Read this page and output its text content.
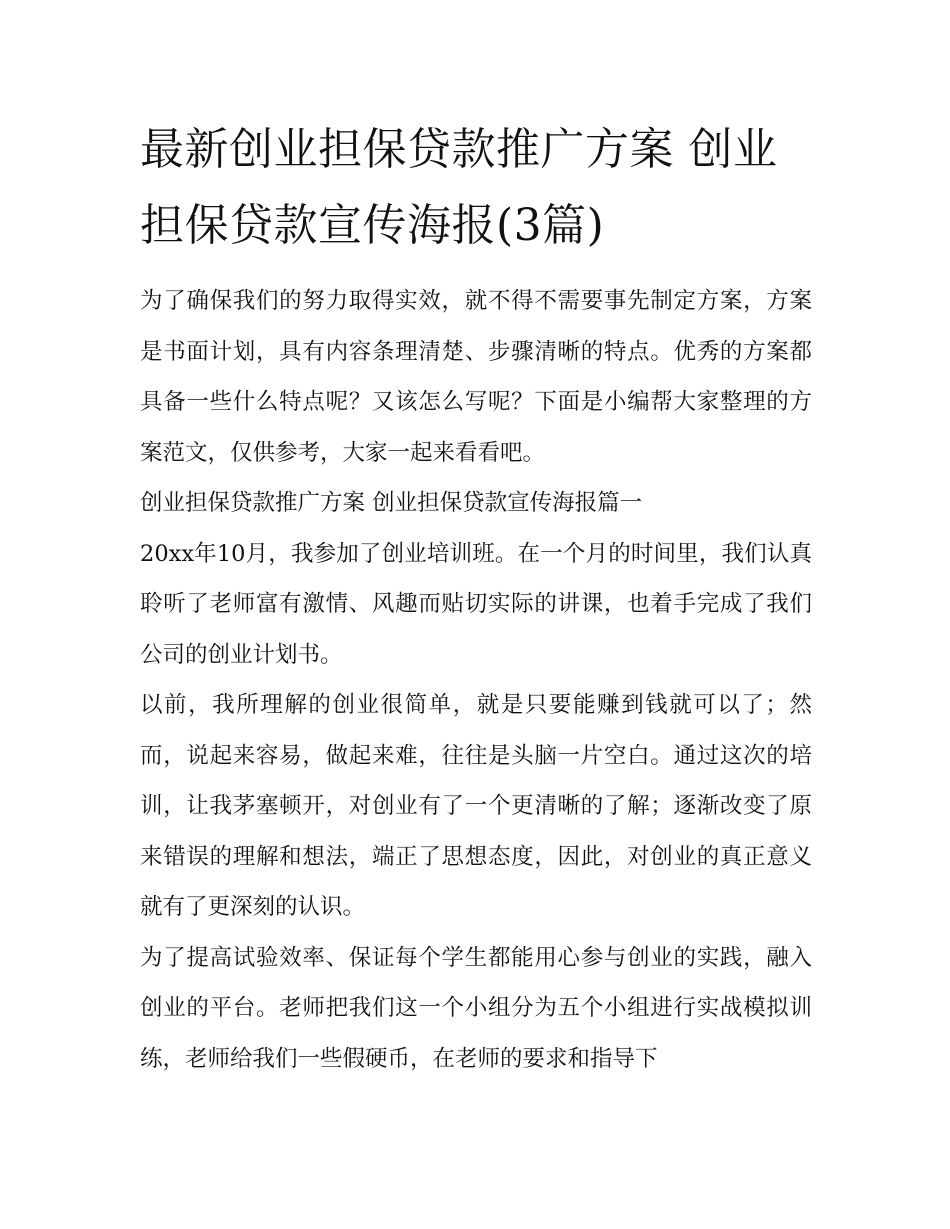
最新创业担保贷款推广方案 创业担保贷款宣传海报(3篇)

为了确保我们的努力取得实效，就不得不需要事先制定方案，方案是书面计划，具有内容条理清楚、步骤清晰的特点。优秀的方案都具备一些什么特点呢？又该怎么写呢？下面是小编帮大家整理的方案范文，仅供参考，大家一起来看看吧。

创业担保贷款推广方案 创业担保贷款宣传海报篇一

20xx年10月，我参加了创业培训班。在一个月的时间里，我们认真聆听了老师富有激情、风趣而贴切实际的讲课，也着手完成了我们公司的创业计划书。

以前，我所理解的创业很简单，就是只要能赚到钱就可以了；然而，说起来容易，做起来难，往往是头脑一片空白。通过这次的培训，让我茅塞顿开，对创业有了一个更清晰的了解；逐渐改变了原来错误的理解和想法，端正了思想态度，因此，对创业的真正意义就有了更深刻的认识。

为了提高试验效率、保证每个学生都能用心参与创业的实践，融入创业的平台。老师把我们这一个小组分为五个小组进行实战模拟训练，老师给我们一些假硬币，在老师的要求和指导下
